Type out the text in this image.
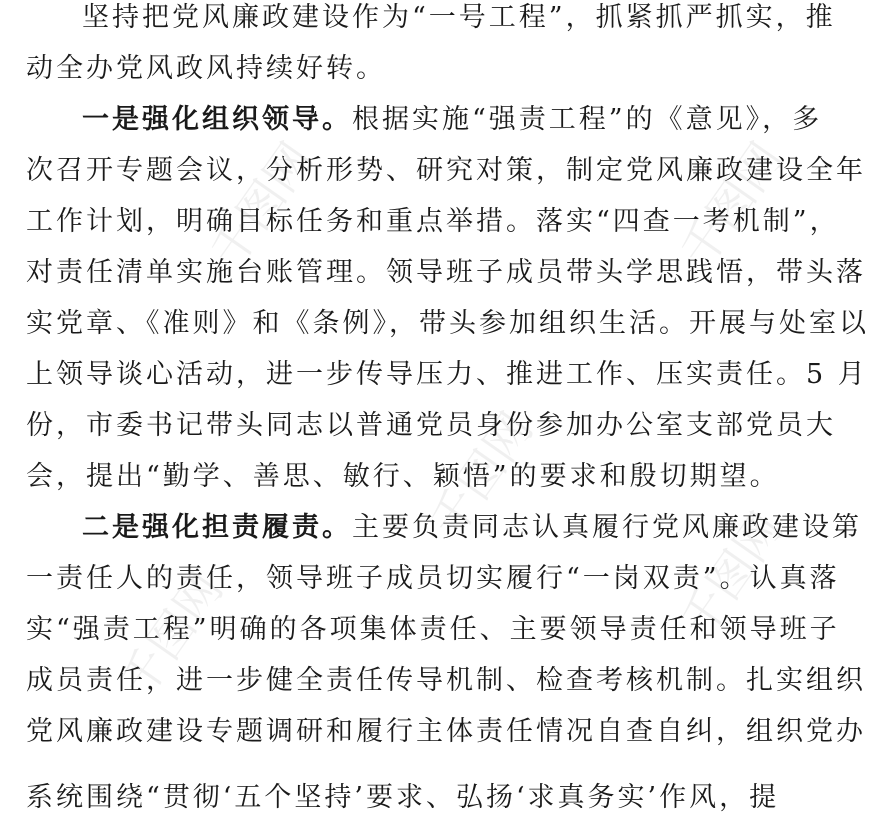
千图网	千图网
千图网
千图网
千图网
坚持把党风廉政建设作为“一号工程”，抓紧抓严抓实，推
动全办党风政风持续好转。
一是强化组织领导。根据实施“强责工程”的《意见》，多
次召开专题会议，分析形势、研究对策，制定党风廉政建设全年
工作计划，明确目标任务和重点举措。落实“四查一考机制”，
对责任清单实施台账管理。领导班子成员带头学思践悟，带头落
实党章、《准则》和《条例》，带头参加组织生活。开展与处室以
上领导谈心活动，进一步传导压力、推进工作、压实责任。5 月
份，市委书记带头同志以普通党员身份参加办公室支部党员大
会，提出“勤学、善思、敏行、颖悟”的要求和殷切期望。
二是强化担责履责。主要负责同志认真履行党风廉政建设第
一责任人的责任，领导班子成员切实履行“一岗双责”。认真落
实“强责工程”明确的各项集体责任、主要领导责任和领导班子
成员责任，进一步健全责任传导机制、检查考核机制。扎实组织
党风廉政建设专题调研和履行主体责任情况自查自纠，组织党办
系统围绕“贯彻‘五个坚持’要求、弘扬‘求真务实’作风，提
